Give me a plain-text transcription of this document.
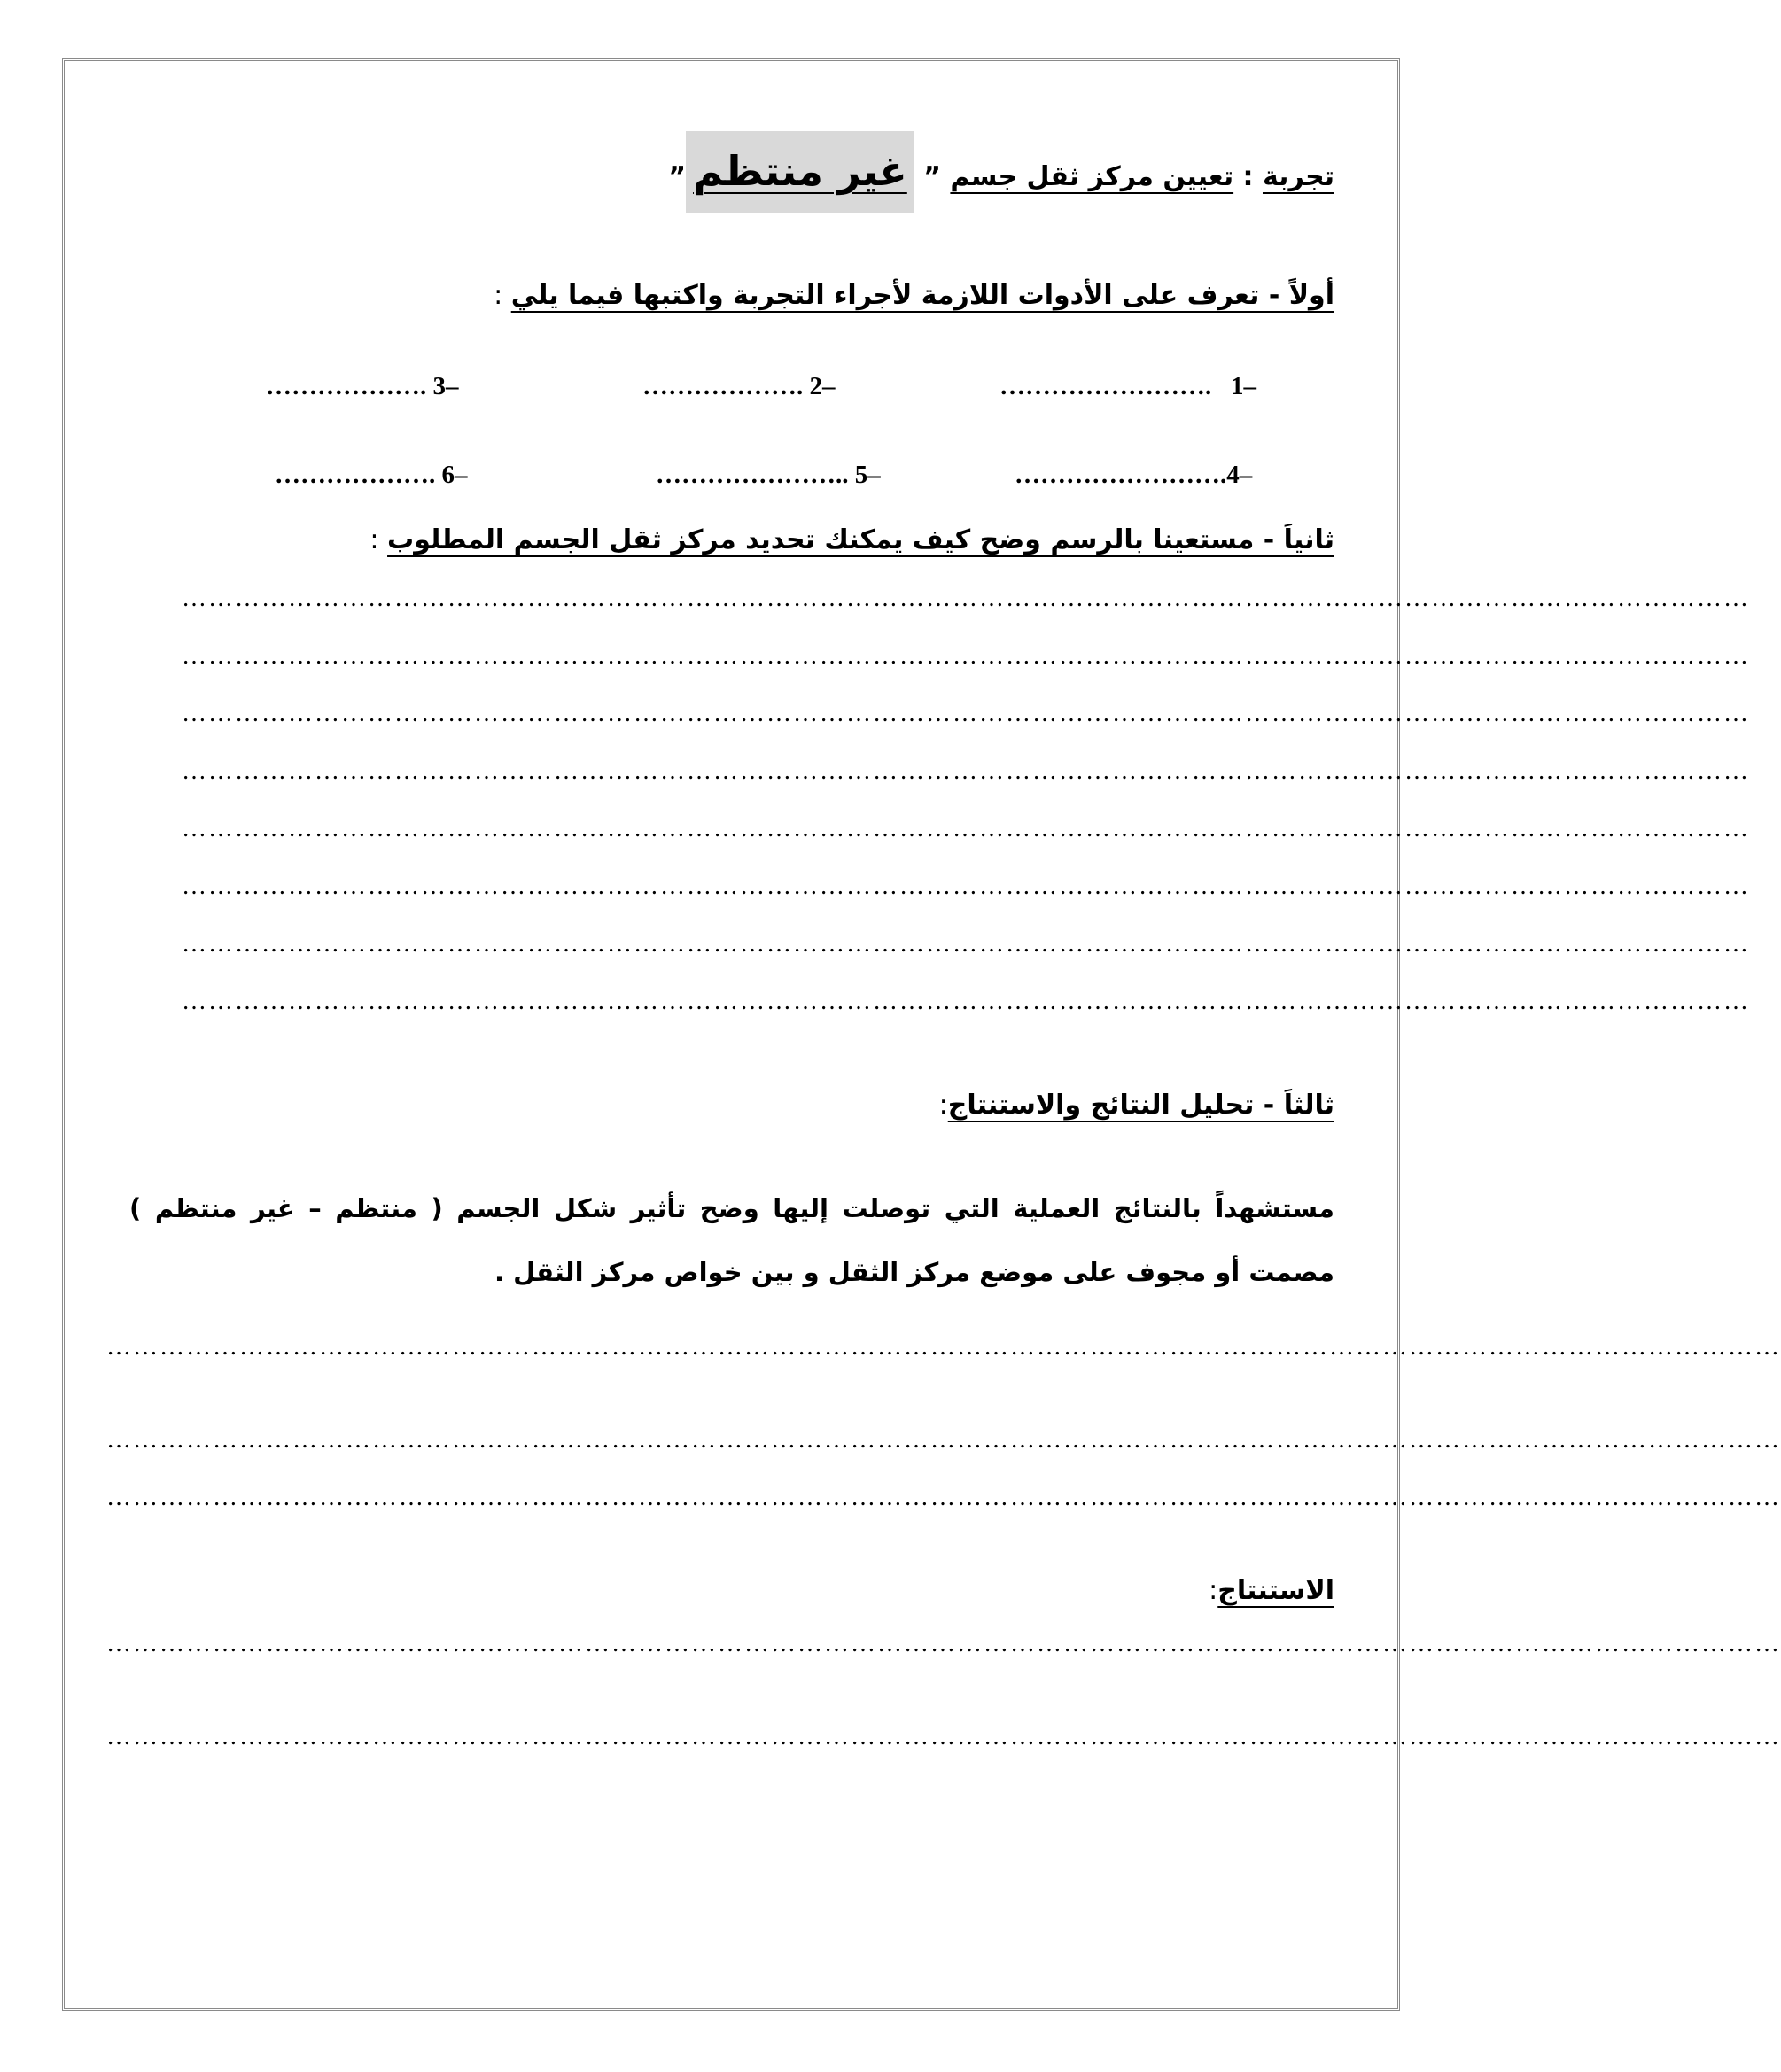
تجربة : تعيين مركز ثقل جسم ” غير منتظم”
أولاً - تعرف على الأدوات اللازمة لأجراء التجربة واكتبها فيما يلي :
……………………. 1–
………………. 2–
………………. 3–
…………………….4–
………………….. 5–
………………. 6–
ثانياَ - مستعينا بالرسم وضح كيف يمكنك تحديد مركز ثقل الجسم المطلوب :
……………………………………………………………………………………………………………………………………………………………
……………………………………………………………………………………………………………………………………………………………
……………………………………………………………………………………………………………………………………………………………
……………………………………………………………………………………………………………………………………………………………
……………………………………………………………………………………………………………………………………………………………
……………………………………………………………………………………………………………………………………………………………
……………………………………………………………………………………………………………………………………………………………
……………………………………………………………………………………………………………………………………………………………
ثالثاَ - تحليل النتائج والاستنتاج:
مستشهداً بالنتائج العملية التي توصلت إليها وضح تأثير شكل الجسم ( منتظم – غير منتظم ) مصمت أو مجوف على موضع مركز الثقل و بين خواص مركز الثقل .
………………………………………………………………………………………………………………………………………………………………………
………………………………………………………………………………………………………………………………………………………………………
………………………………………………………………………………………………………………………………………………………………………
الاستنتاج:
………………………………………………………………………………………………………………………………………………………………………
………………………………………………………………………………………………………………………………………………………………………
